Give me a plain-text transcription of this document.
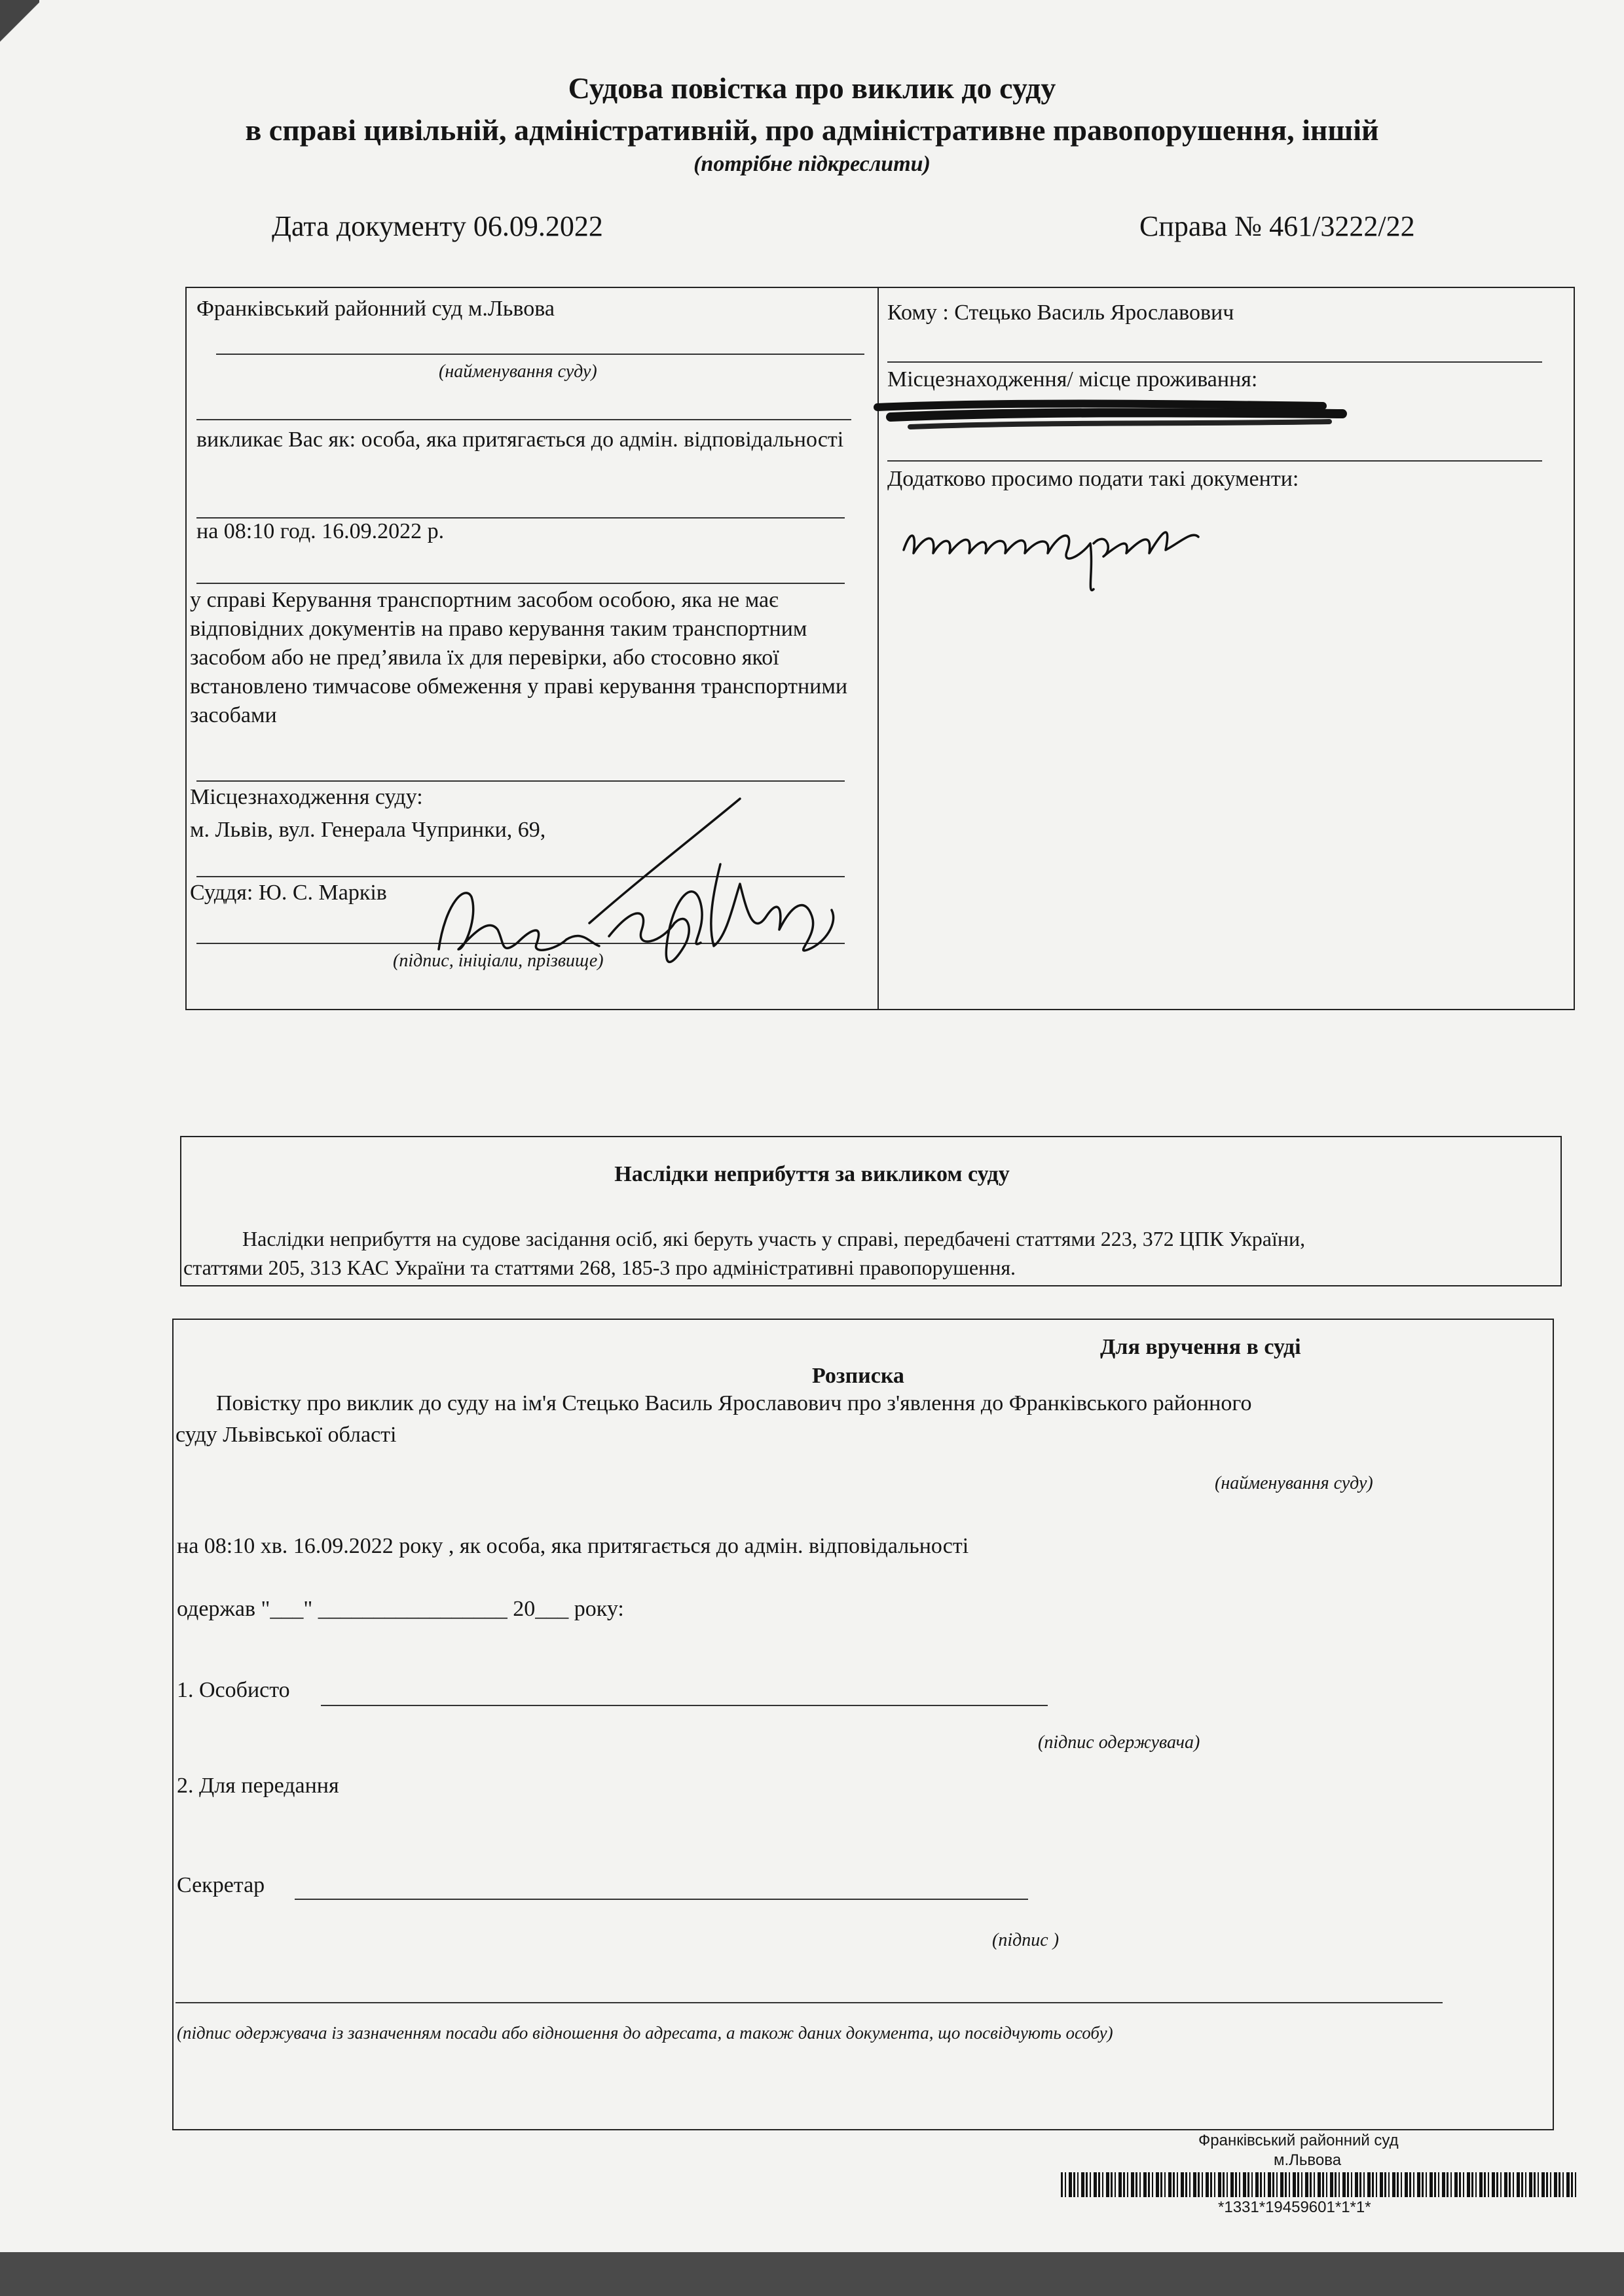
Судова повістка про виклик до суду
в справі цивільній, адміністративній, про адміністративне правопорушення, іншій
(потрібне підкреслити)
Дата документу 06.09.2022	Справа № 461/3222/22
Франківський районний суд м.Львова
(найменування суду)
викликає Вас як: особа, яка притягається до адмін. відповідальності
на 08:10 год. 16.09.2022 р.
у справі Керування транспортним засобом особою, яка не має відповідних документів на право керування таким транспортним засобом або не пред’явила їх для перевірки, або стосовно якої встановлено тимчасове обмеження у праві керування транспортними засобами
Місцезнаходження суду:
м. Львів, вул. Генерала Чупринки, 69,
Суддя: Ю. С. Марків
(підпис, ініціали, прізвище)
Кому : Стецько Василь Ярославович
Місцезнаходження/ місце проживання:
Додатково просимо подати такі документи:
Наслідки неприбуття за викликом суду
Наслідки неприбуття на судове засідання осіб, які беруть участь у справі, передбачені статтями 223, 372 ЦПК України,
статтями 205, 313 КАС України та статтями 268, 185-3 про адміністративні правопорушення.
Для вручення в суді
Розписка
Повістку про виклик до суду на ім'я Стецько Василь Ярославович про з'явлення до Франківського районного
суду Львівської області
(найменування суду)
на 08:10 хв. 16.09.2022 року , як особа, яка притягається до адмін. відповідальності
одержав "___" _________________ 20___ року:
1. Особисто
(підпис одержувача)
2. Для передання
Секретар
(підпис )
(підпис одержувача із зазначенням посади або відношення до адресата, а також даних документа, що посвідчують особу)
Франківський районний суд
м.Львова
*1331*19459601*1*1*
